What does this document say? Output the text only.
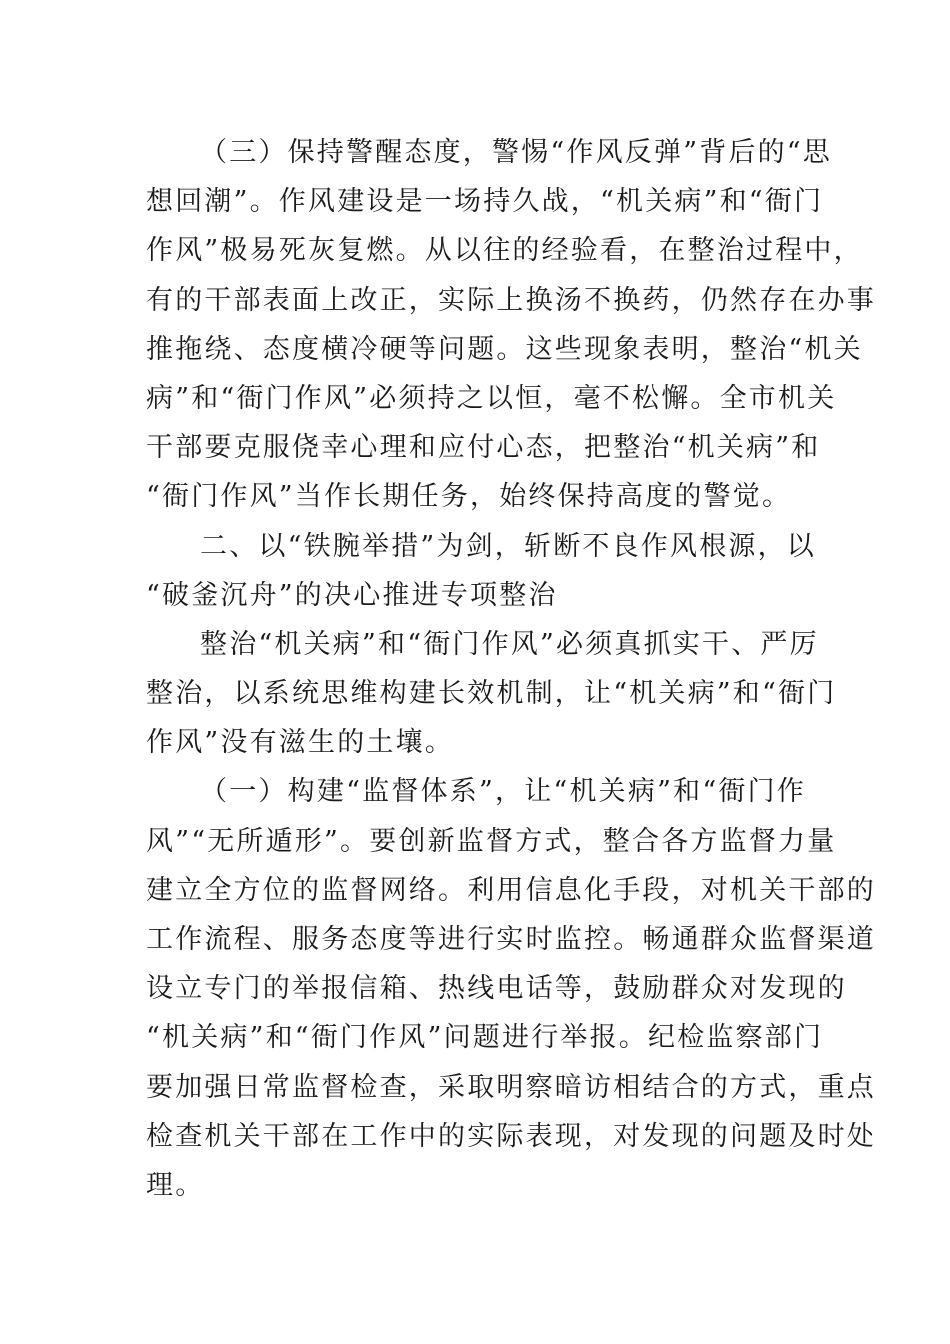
（三）保持警醒态度，警惕“作风反弹”背后的“思
想回潮”。作风建设是一场持久战，“机关病”和“衙门
作风”极易死灰复燃。从以往的经验看，在整治过程中，
有的干部表面上改正，实际上换汤不换药，仍然存在办事
推拖绕、态度横冷硬等问题。这些现象表明，整治“机关
病”和“衙门作风”必须持之以恒，毫不松懈。全市机关
干部要克服侥幸心理和应付心态，把整治“机关病”和
“衙门作风”当作长期任务，始终保持高度的警觉。
二、以“铁腕举措”为剑，斩断不良作风根源，以
“破釜沉舟”的决心推进专项整治
整治“机关病”和“衙门作风”必须真抓实干、严厉
整治，以系统思维构建长效机制，让“机关病”和“衙门
作风”没有滋生的土壤。
（一）构建“监督体系”，让“机关病”和“衙门作
风”“无所遁形”。要创新监督方式，整合各方监督力量
建立全方位的监督网络。利用信息化手段，对机关干部的
工作流程、服务态度等进行实时监控。畅通群众监督渠道
设立专门的举报信箱、热线电话等，鼓励群众对发现的
“机关病”和“衙门作风”问题进行举报。纪检监察部门
要加强日常监督检查，采取明察暗访相结合的方式，重点
检查机关干部在工作中的实际表现，对发现的问题及时处
理。
